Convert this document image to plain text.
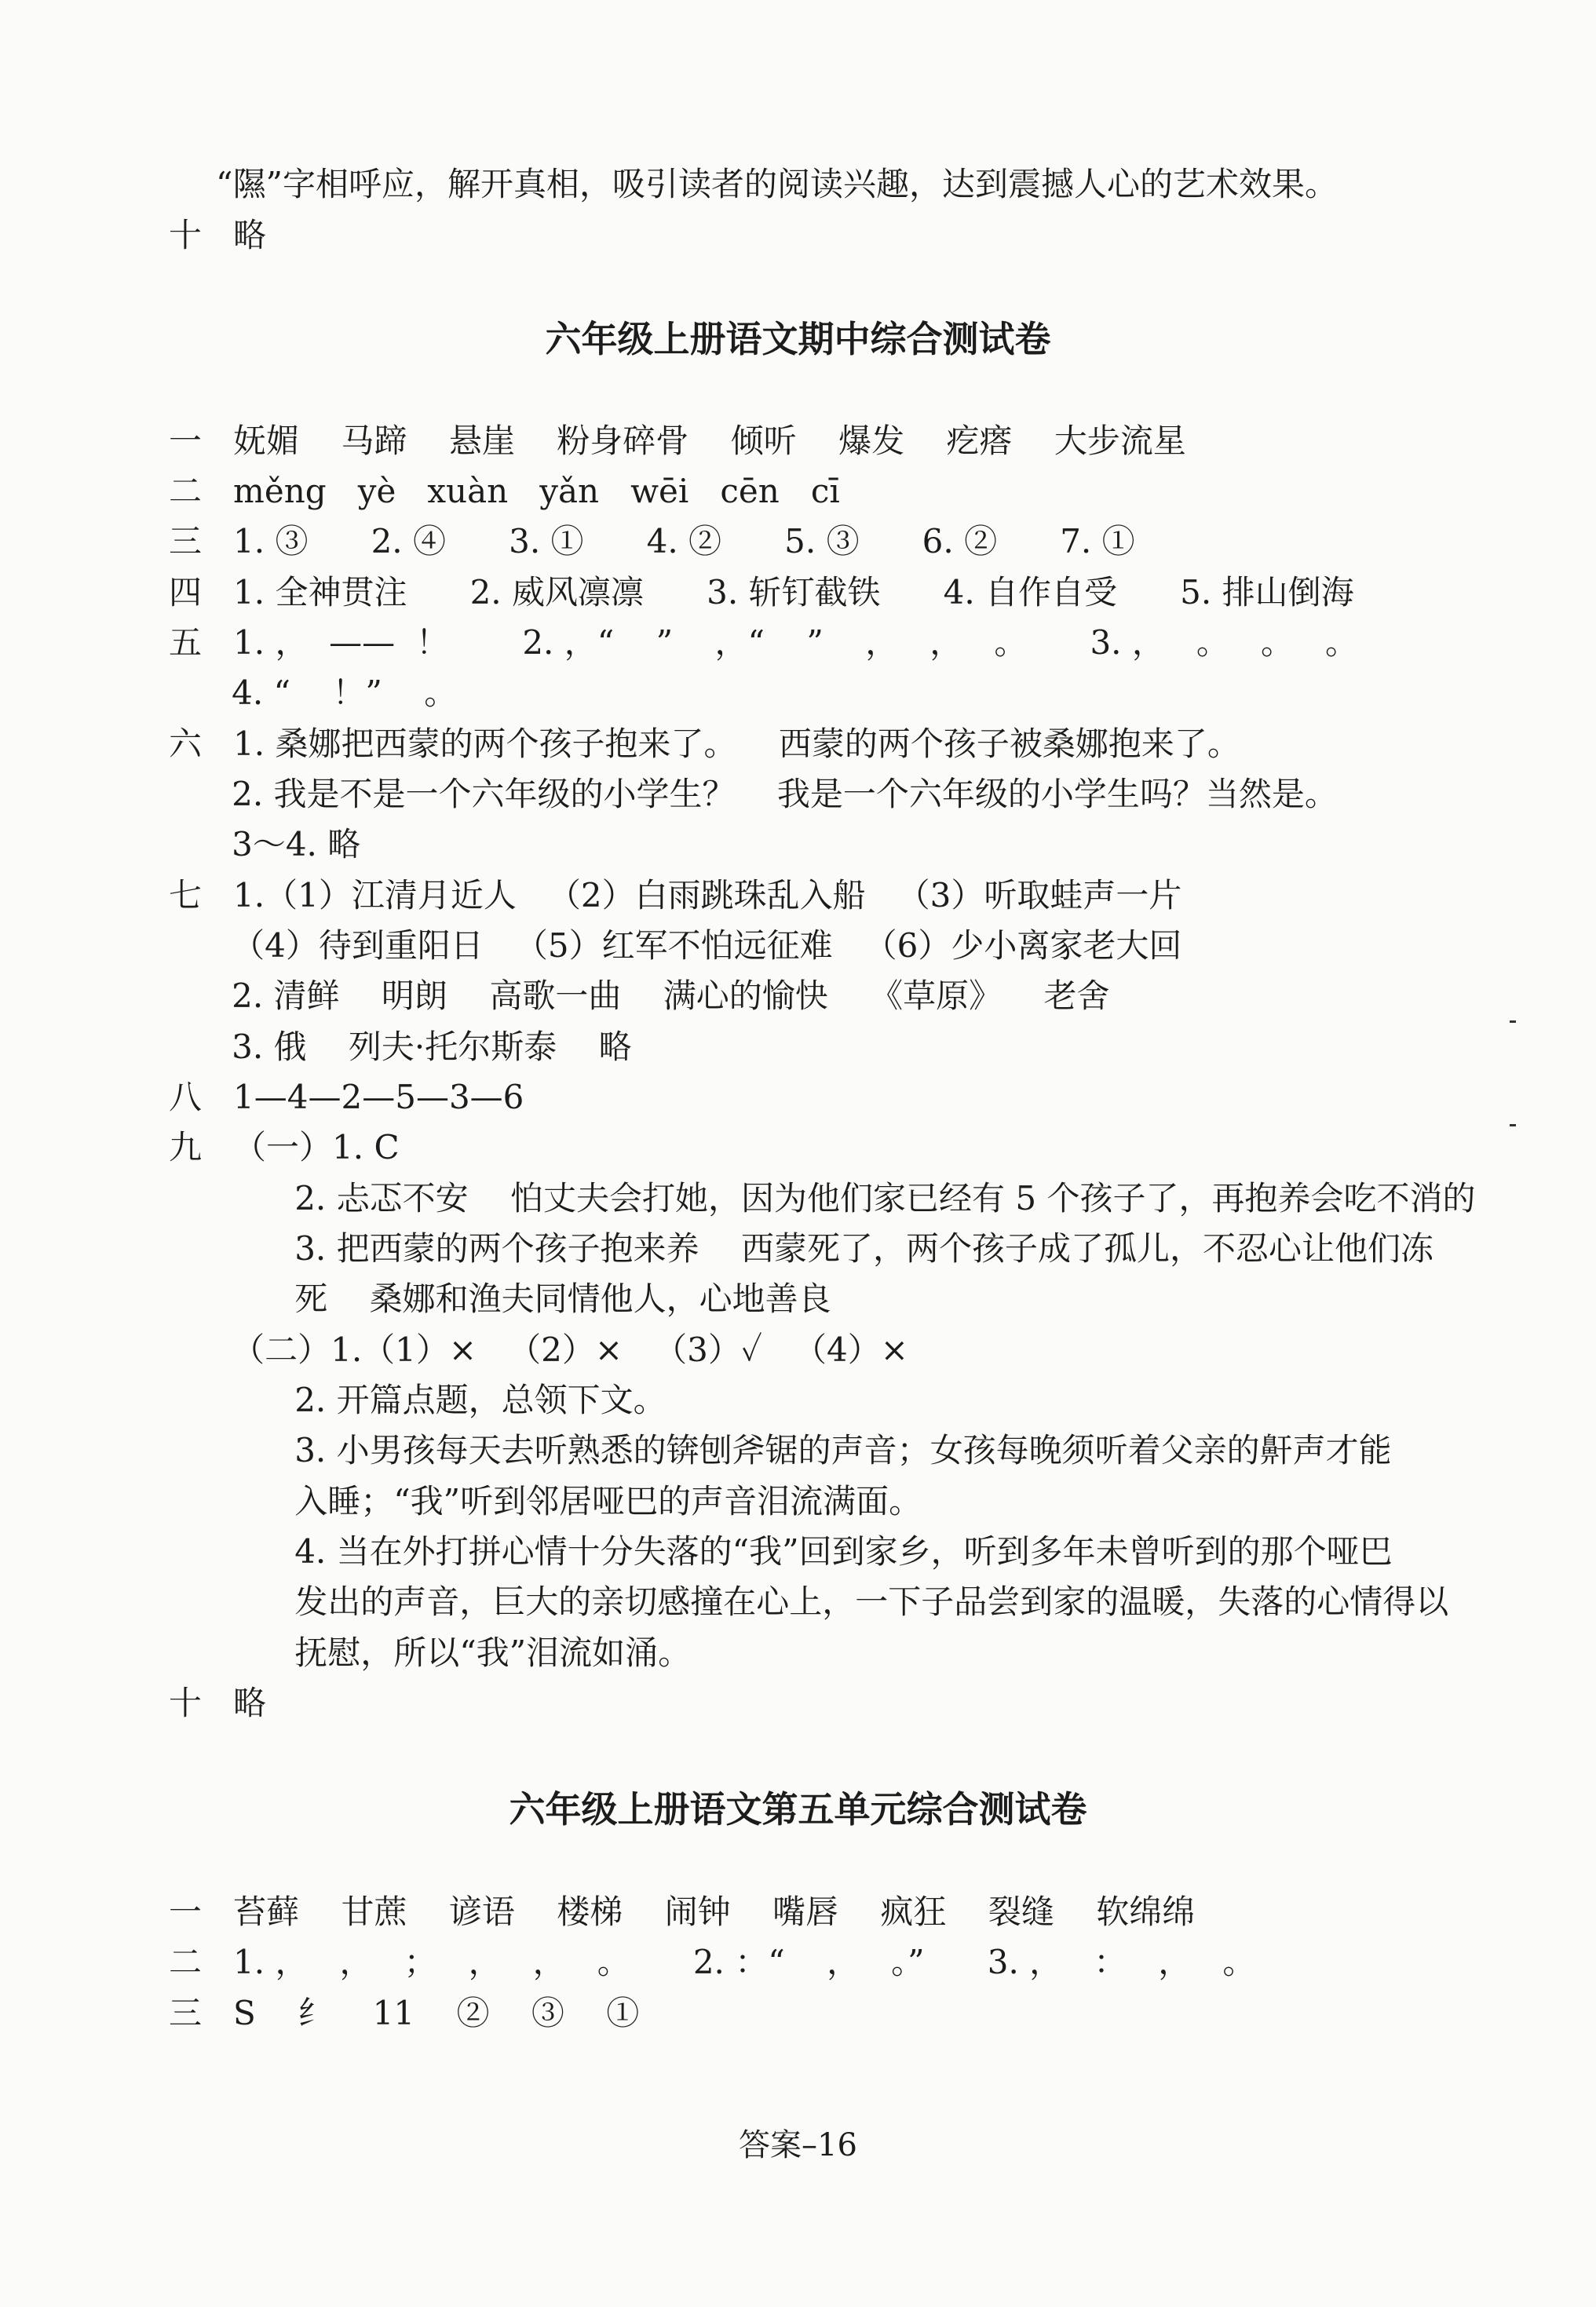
“隰”字相呼应，解开真相，吸引读者的阅读兴趣，达到震撼人心的艺术效果。
十   略
六年级上册语文期中综合测试卷
一   妩媚    马蹄    悬崖    粉身碎骨    倾听    爆发    疙瘩    大步流星
二   měng   yè   xuàn   yǎn   wēi   cēn   cī
三   1. ③      2. ④      3. ①      4. ②      5. ③      6. ②      7. ①
四   1. 全神贯注      2. 威风凛凛      3. 斩钉截铁      4. 自作自受      5. 排山倒海
五   1. ，  ——  ！       2. ，“    ”    ，“    ”    ，   ，   。      3. ，   。   。   。
4. “    ！”    。
六   1. 桑娜把西蒙的两个孩子抱来了。    西蒙的两个孩子被桑娜抱来了。
2. 我是不是一个六年级的小学生？    我是一个六年级的小学生吗？当然是。
3～4. 略
七   1.（1）江清月近人   （2）白雨跳珠乱入船   （3）听取蛙声一片
（4）待到重阳日   （5）红军不怕远征难   （6）少小离家老大回
2. 清鲜    明朗    高歌一曲    满心的愉快    《草原》    老舍
3. 俄    列夫·托尔斯泰    略
八   1—4—2—5—3—6
九   （一）1. C
2. 忐忑不安    怕丈夫会打她，因为他们家已经有 5 个孩子了，再抱养会吃不消的
3. 把西蒙的两个孩子抱来养    西蒙死了，两个孩子成了孤儿，不忍心让他们冻
死    桑娜和渔夫同情他人，心地善良
（二）1.（1）×   （2）×   （3）✓   （4）×
2. 开篇点题，总领下文。
3. 小男孩每天去听熟悉的锛刨斧锯的声音；女孩每晚须听着父亲的鼾声才能
入睡；“我”听到邻居哑巴的声音泪流满面。
4. 当在外打拼心情十分失落的“我”回到家乡，听到多年未曾听到的那个哑巴
发出的声音，巨大的亲切感撞在心上，一下子品尝到家的温暖，失落的心情得以
抚慰，所以“我”泪流如涌。
十   略
六年级上册语文第五单元综合测试卷
一   苔藓    甘蔗    谚语    楼梯    闹钟    嘴唇    疯狂    裂缝    软绵绵
二   1. ，   ，   ；   ，   ，   。      2. ：“    ，   。”      3. ，   ：   ，   。
三   S    纟    11    ②    ③    ①
答案–16
